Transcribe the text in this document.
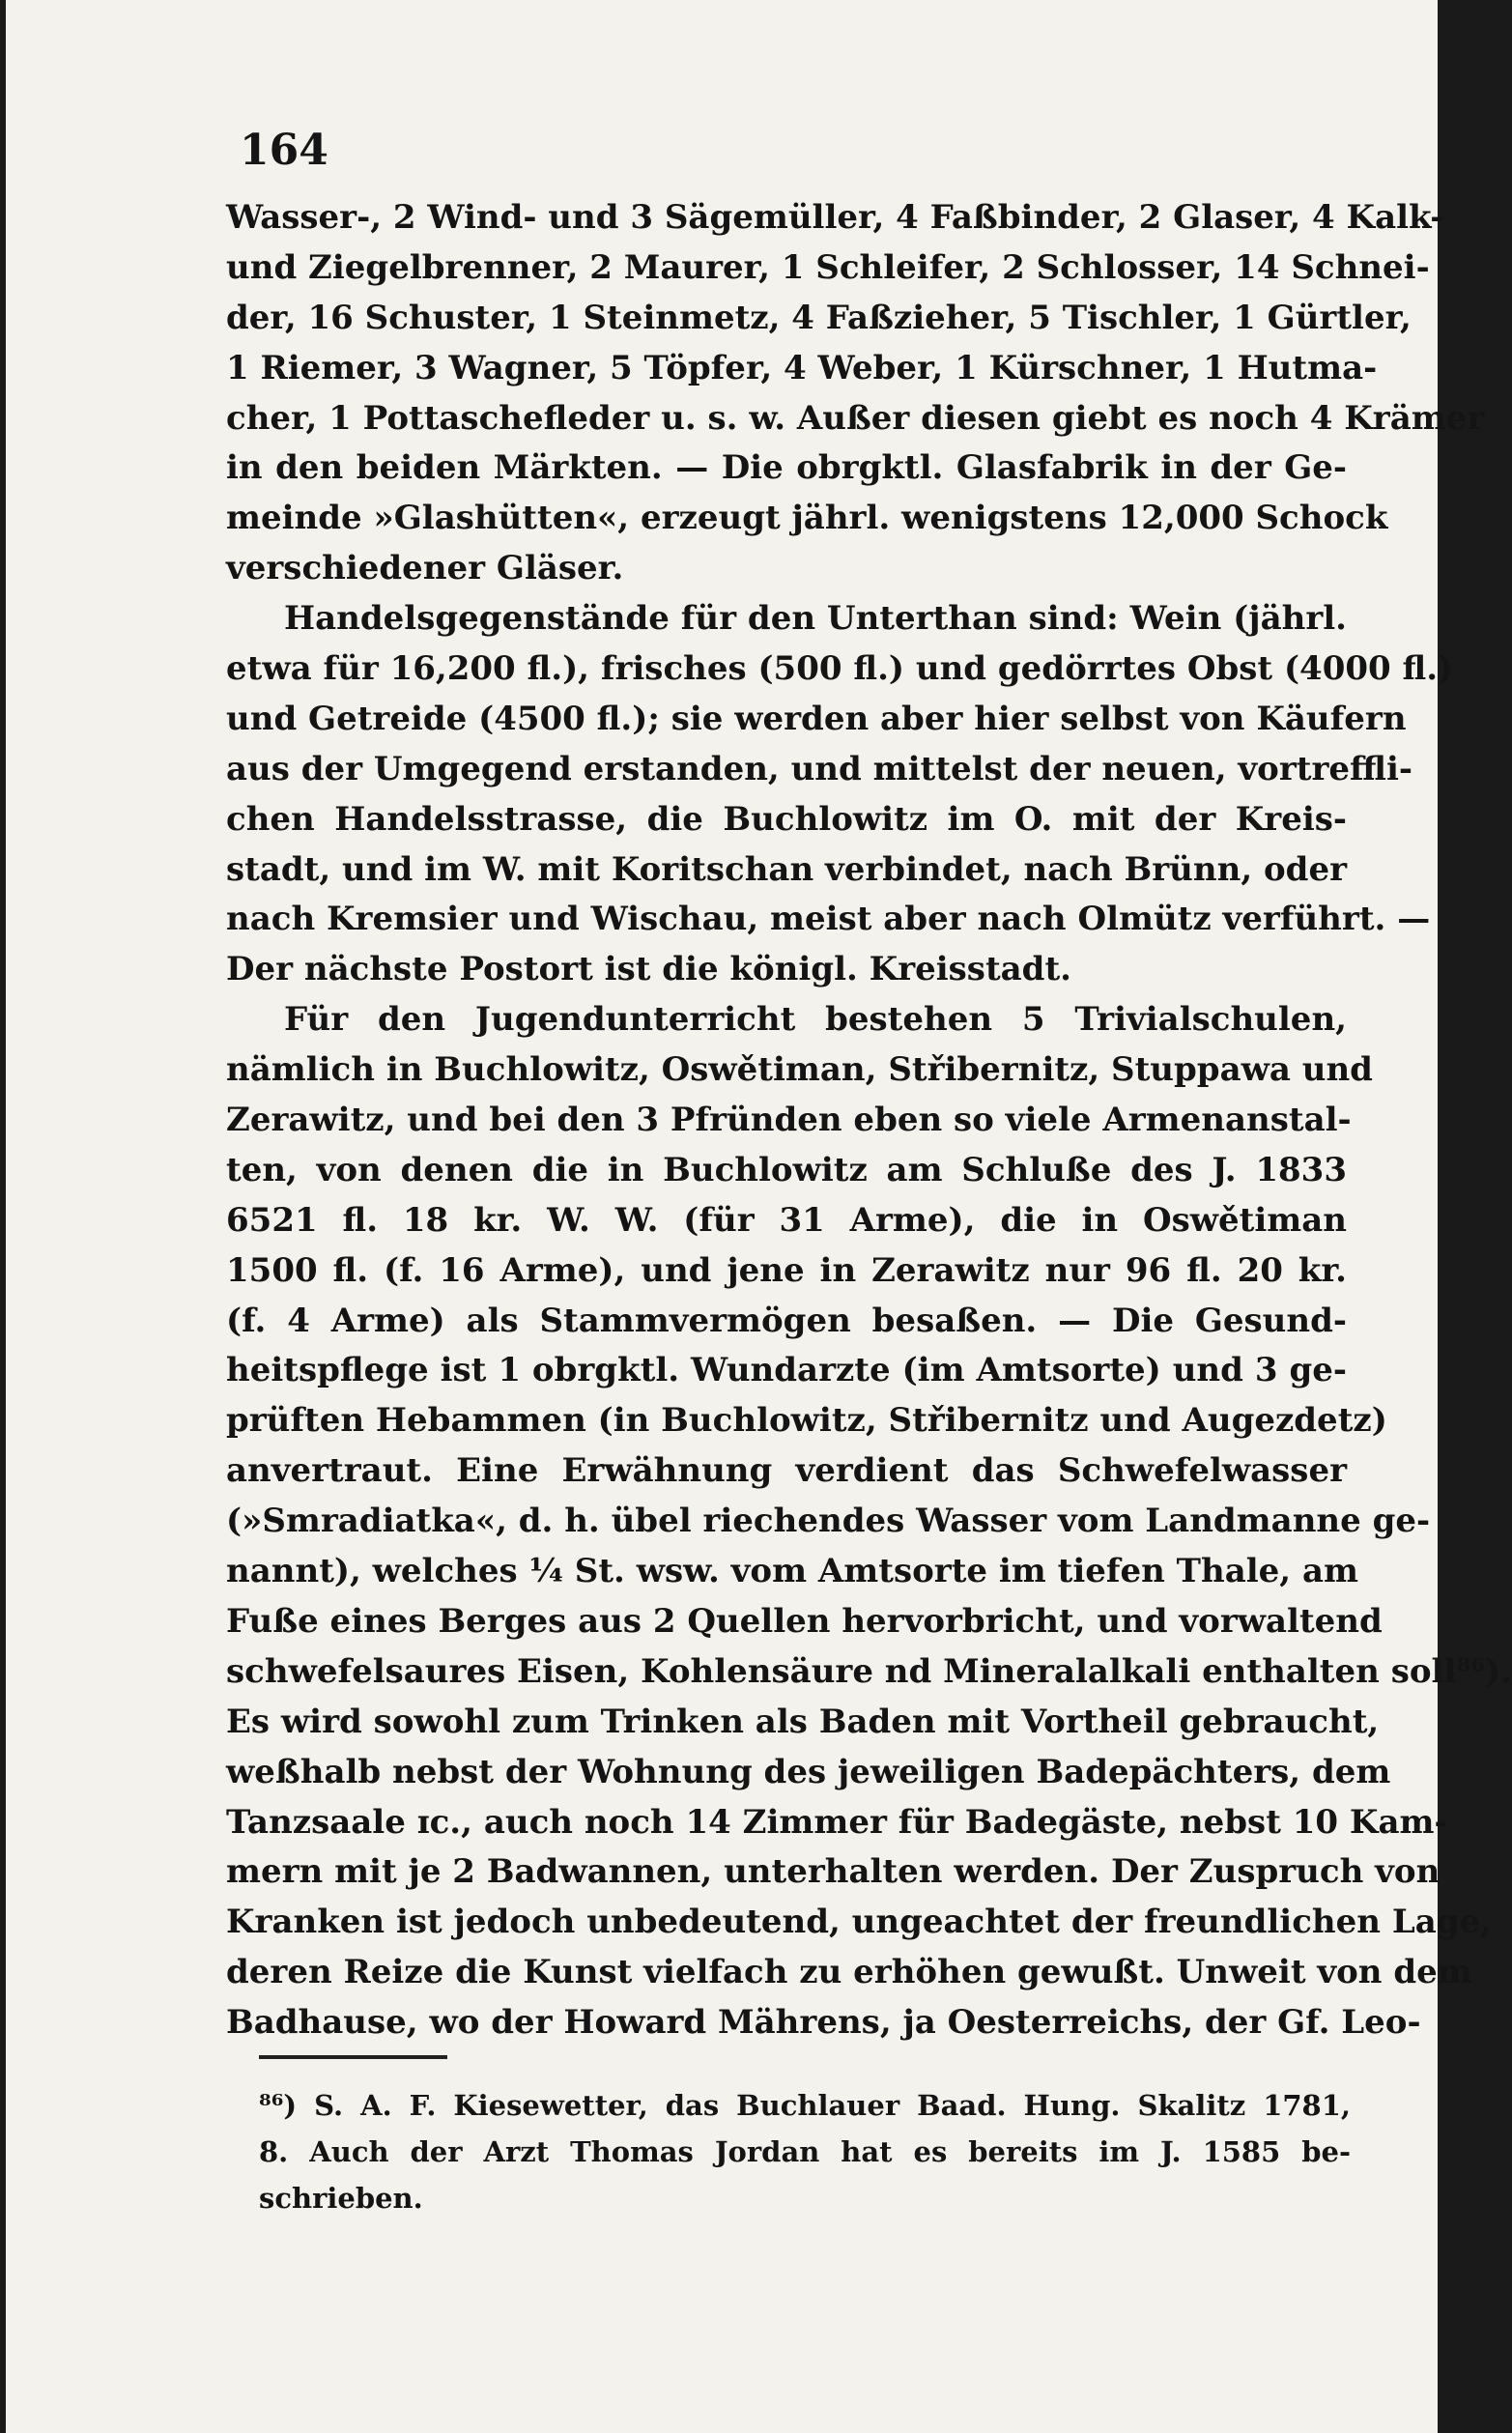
164
Wasser-, 2 Wind- und 3 Sägemüller, 4 Faßbinder, 2 Glaser, 4 Kalk-
und Ziegelbrenner, 2 Maurer, 1 Schleifer, 2 Schlosser, 14 Schnei-
der, 16 Schuster, 1 Steinmetz, 4 Faßzieher, 5 Tischler, 1 Gürtler,
1 Riemer, 3 Wagner, 5 Töpfer, 4 Weber, 1 Kürschner, 1 Hutma-
cher, 1 Pottaschefleder u. s. w. Außer diesen giebt es noch 4 Krämer
in den beiden Märkten. — Die obrgktl. Glasfabrik in der Ge-
meinde »Glashütten«, erzeugt jährl. wenigstens 12,000 Schock
verschiedener Gläser.
Handelsgegenstände für den Unterthan sind: Wein (jährl.
etwa für 16,200 fl.), frisches (500 fl.) und gedörrtes Obst (4000 fl.)
und Getreide (4500 fl.); sie werden aber hier selbst von Käufern
aus der Umgegend erstanden, und mittelst der neuen, vortreffli-
chen Handelsstrasse, die Buchlowitz im O. mit der Kreis-
stadt, und im W. mit Koritschan verbindet, nach Brünn, oder
nach Kremsier und Wischau, meist aber nach Olmütz verführt. —
Der nächste Postort ist die königl. Kreisstadt.
Für den Jugendunterricht bestehen 5 Trivialschulen,
nämlich in Buchlowitz, Oswětiman, Střibernitz, Stuppawa und
Zerawitz, und bei den 3 Pfründen eben so viele Armenanstal-
ten, von denen die in Buchlowitz am Schluße des J. 1833
6521 fl. 18 kr. W. W. (für 31 Arme), die in Oswětiman
1500 fl. (f. 16 Arme), und jene in Zerawitz nur 96 fl. 20 kr.
(f. 4 Arme) als Stammvermögen besaßen. — Die Gesund-
heitspflege ist 1 obrgktl. Wundarzte (im Amtsorte) und 3 ge-
prüften Hebammen (in Buchlowitz, Střibernitz und Augezdetz)
anvertraut. Eine Erwähnung verdient das Schwefelwasser
(»Smradiatka«, d. h. übel riechendes Wasser vom Landmanne ge-
nannt), welches ¼ St. wsw. vom Amtsorte im tiefen Thale, am
Fuße eines Berges aus 2 Quellen hervorbricht, und vorwaltend
schwefelsaures Eisen, Kohlensäure nd Mineralalkali enthalten soll⁸⁶).
Es wird sowohl zum Trinken als Baden mit Vortheil gebraucht,
weßhalb nebst der Wohnung des jeweiligen Badepächters, dem
Tanzsaale ɪc., auch noch 14 Zimmer für Badegäste, nebst 10 Kam-
mern mit je 2 Badwannen, unterhalten werden. Der Zuspruch von
Kranken ist jedoch unbedeutend, ungeachtet der freundlichen Lage,
deren Reize die Kunst vielfach zu erhöhen gewußt. Unweit von dem
Badhause, wo der Howard Mährens, ja Oesterreichs, der Gf. Leo-
⁸⁶) S. A. F. Kiesewetter, das Buchlauer Baad. Hung. Skalitz 1781,
8. Auch der Arzt Thomas Jordan hat es bereits im J. 1585 be-
schrieben.
